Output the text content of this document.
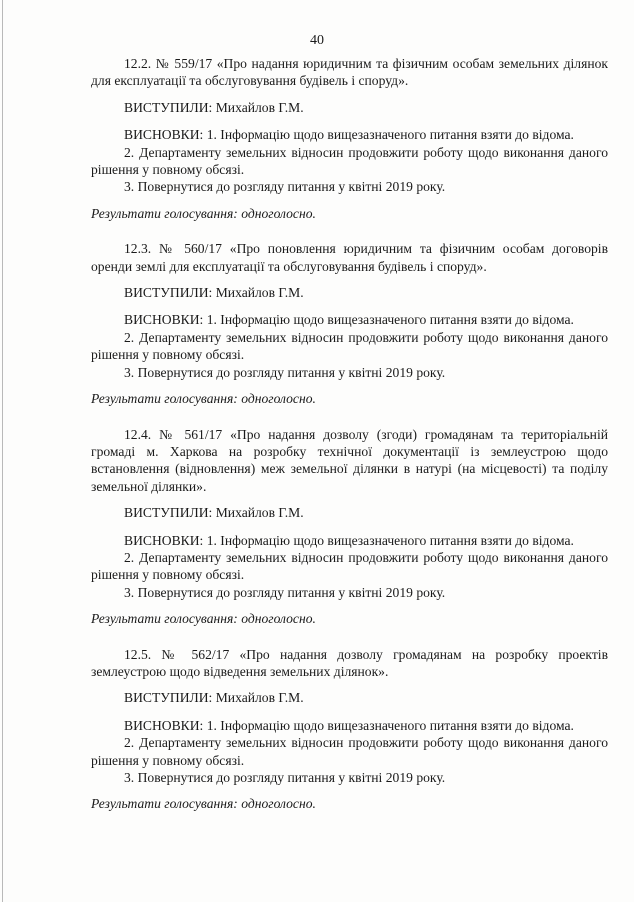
40

12.2. № 559/17 «Про надання юридичним та фізичним особам земельних ділянок для експлуатації та обслуговування будівель і споруд».

ВИСТУПИЛИ: Михайлов Г.М.

ВИСНОВКИ: 1. Інформацію щодо вищезазначеного питання взяти до відома.

2. Департаменту земельних відносин продовжити роботу щодо виконання даного рішення у повному обсязі.

3. Повернутися до розгляду питання у квітні 2019 року.

Результати голосування: одноголосно.

12.3. № 560/17 «Про поновлення юридичним та фізичним особам договорів оренди землі для експлуатації та обслуговування будівель і споруд».

ВИСТУПИЛИ: Михайлов Г.М.

ВИСНОВКИ: 1. Інформацію щодо вищезазначеного питання взяти до відома.

2. Департаменту земельних відносин продовжити роботу щодо виконання даного рішення у повному обсязі.

3. Повернутися до розгляду питання у квітні 2019 року.

Результати голосування: одноголосно.

12.4. № 561/17 «Про надання дозволу (згоди) громадянам та територіальній громаді м. Харкова на розробку технічної документації із землеустрою щодо встановлення (відновлення) меж земельної ділянки в натурі (на місцевості) та поділу земельної ділянки».

ВИСТУПИЛИ: Михайлов Г.М.

ВИСНОВКИ: 1. Інформацію щодо вищезазначеного питання взяти до відома.

2. Департаменту земельних відносин продовжити роботу щодо виконання даного рішення у повному обсязі.

3. Повернутися до розгляду питання у квітні 2019 року.

Результати голосування: одноголосно.

12.5. № 562/17 «Про надання дозволу громадянам на розробку проектів землеустрою щодо відведення земельних ділянок».

ВИСТУПИЛИ: Михайлов Г.М.

ВИСНОВКИ: 1. Інформацію щодо вищезазначеного питання взяти до відома.

2. Департаменту земельних відносин продовжити роботу щодо виконання даного рішення у повному обсязі.

3. Повернутися до розгляду питання у квітні 2019 року.

Результати голосування: одноголосно.
